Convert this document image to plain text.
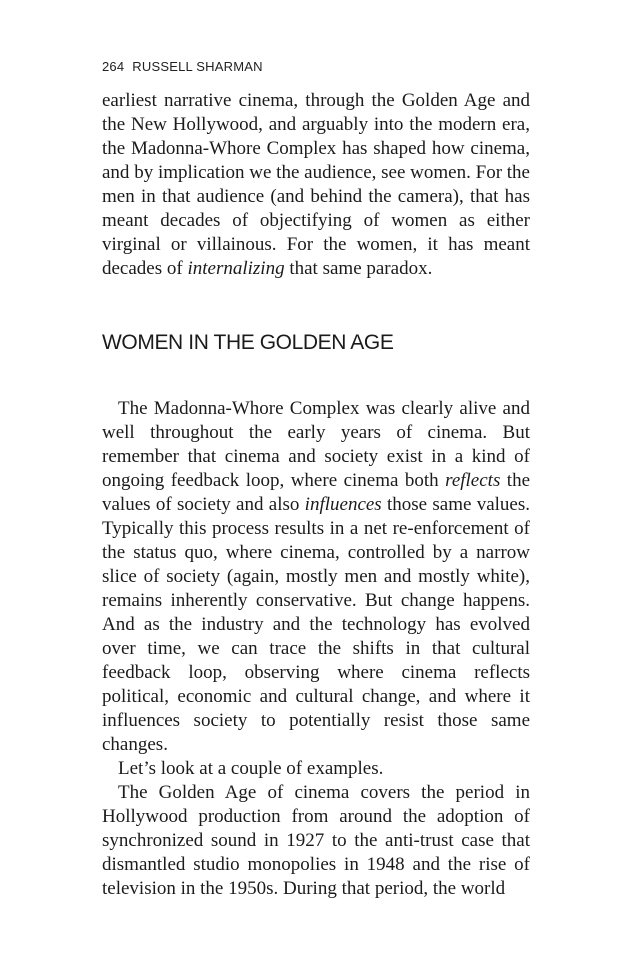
264 RUSSELL SHARMAN

earliest narrative cinema, through the Golden Age and the New Hollywood, and arguably into the modern era, the Madonna-Whore Complex has shaped how cinema, and by implication we the audience, see women. For the men in that audience (and behind the camera), that has meant decades of objectifying of women as either virginal or villainous. For the women, it has meant decades of internalizing that same paradox.

WOMEN IN THE GOLDEN AGE

The Madonna-Whore Complex was clearly alive and well throughout the early years of cinema. But remember that cinema and society exist in a kind of ongoing feedback loop, where cinema both reflects the values of society and also influences those same values. Typically this process results in a net re-enforcement of the status quo, where cinema, controlled by a narrow slice of society (again, mostly men and mostly white), remains inherently conservative. But change happens. And as the industry and the technology has evolved over time, we can trace the shifts in that cultural feedback loop, observing where cinema reflects political, economic and cultural change, and where it influences society to potentially resist those same changes.

Let’s look at a couple of examples.

The Golden Age of cinema covers the period in Hollywood production from around the adoption of synchronized sound in 1927 to the anti-trust case that dismantled studio monopolies in 1948 and the rise of television in the 1950s. During that period, the world
